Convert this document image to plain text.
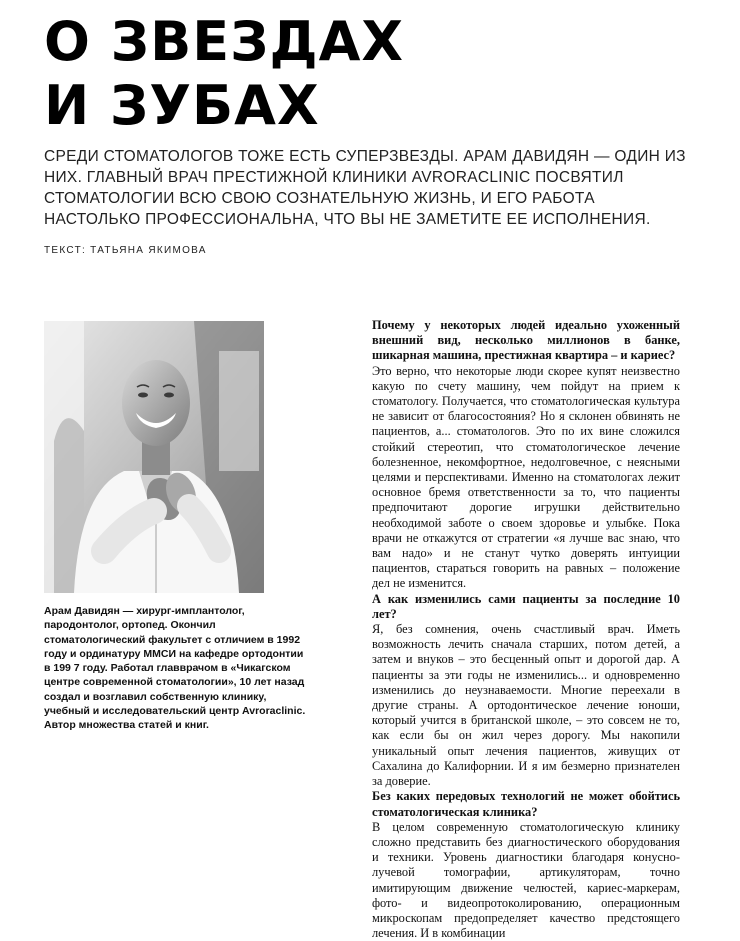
О ЗВЕЗДАХ
И ЗУБАХ

СРЕДИ СТОМАТОЛОГОВ ТОЖЕ ЕСТЬ СУПЕРЗВЕЗДЫ. АРАМ ДАВИДЯН — ОДИН ИЗ НИХ. ГЛАВНЫЙ ВРАЧ ПРЕСТИЖНОЙ КЛИНИКИ AVRORACLINIC ПОСВЯТИЛ СТОМАТОЛОГИИ ВСЮ СВОЮ СОЗНАТЕЛЬНУЮ ЖИЗНЬ, И ЕГО РАБОТА НАСТОЛЬКО ПРОФЕССИОНАЛЬНА, ЧТО ВЫ НЕ ЗАМЕТИТЕ ЕЕ ИСПОЛНЕНИЯ.

ТЕКСТ: ТАТЬЯНА ЯКИМОВА

Арам Давидян — хирург-имплантолог, пародонтолог, ортопед. Окончил стоматологический факультет с отличием в 1992 году и ординатуру ММСИ на кафедре ортодонтии в 199 7 году. Работал главврачом в «Чикагском центре современной стоматологии», 10 лет назад создал и возглавил собственную клинику, учебный и исследовательский центр Avroraclinic. Автор множества статей и книг.

Почему у некоторых людей идеально ухоженный внешний вид, несколько миллионов в банке, шикарная машина, престижная квартира – и кариес?

Это верно, что некоторые люди скорее купят неизвестно какую по счету машину, чем пойдут на прием к стоматологу. Получается, что стоматологическая культура не зависит от благосостояния? Но я склонен обвинять не пациентов, а... стоматологов. Это по их вине сложился стойкий стереотип, что стоматологическое лечение болезненное, некомфортное, недолговечное, с неясными целями и перспективами. Именно на стоматологах лежит основное бремя ответственности за то, что пациенты предпочитают дорогие игрушки действительно необходимой заботе о своем здоровье и улыбке. Пока врачи не откажутся от стратегии «я лучше вас знаю, что вам надо» и не станут чутко доверять интуиции пациентов, стараться говорить на равных – положение дел не изменится.

А как изменились сами пациенты за последние 10 лет?

Я, без сомнения, очень счастливый врач. Иметь возможность лечить сначала старших, потом детей, а затем и внуков – это бесценный опыт и дорогой дар. А пациенты за эти годы не изменились... и одновременно изменились до неузнаваемости. Многие переехали в другие страны. А ортодонтическое лечение юноши, который учится в британской школе, – это совсем не то, как если бы он жил через дорогу. Мы накопили уникальный опыт лечения пациентов, живущих от Сахалина до Калифорнии. И я им безмерно признателен за доверие.

Без каких передовых технологий не может обойтись стоматологическая клиника?

В целом современную стоматологическую клинику сложно представить без диагностического оборудования и техники. Уровень диагностики благодаря конусно-лучевой томографии, артикуляторам, точно имитирующим движение челюстей, кариес-маркерам, фото- и видеопротоколированию, операционным микроскопам предопределяет качество предстоящего лечения. И в комбинации
